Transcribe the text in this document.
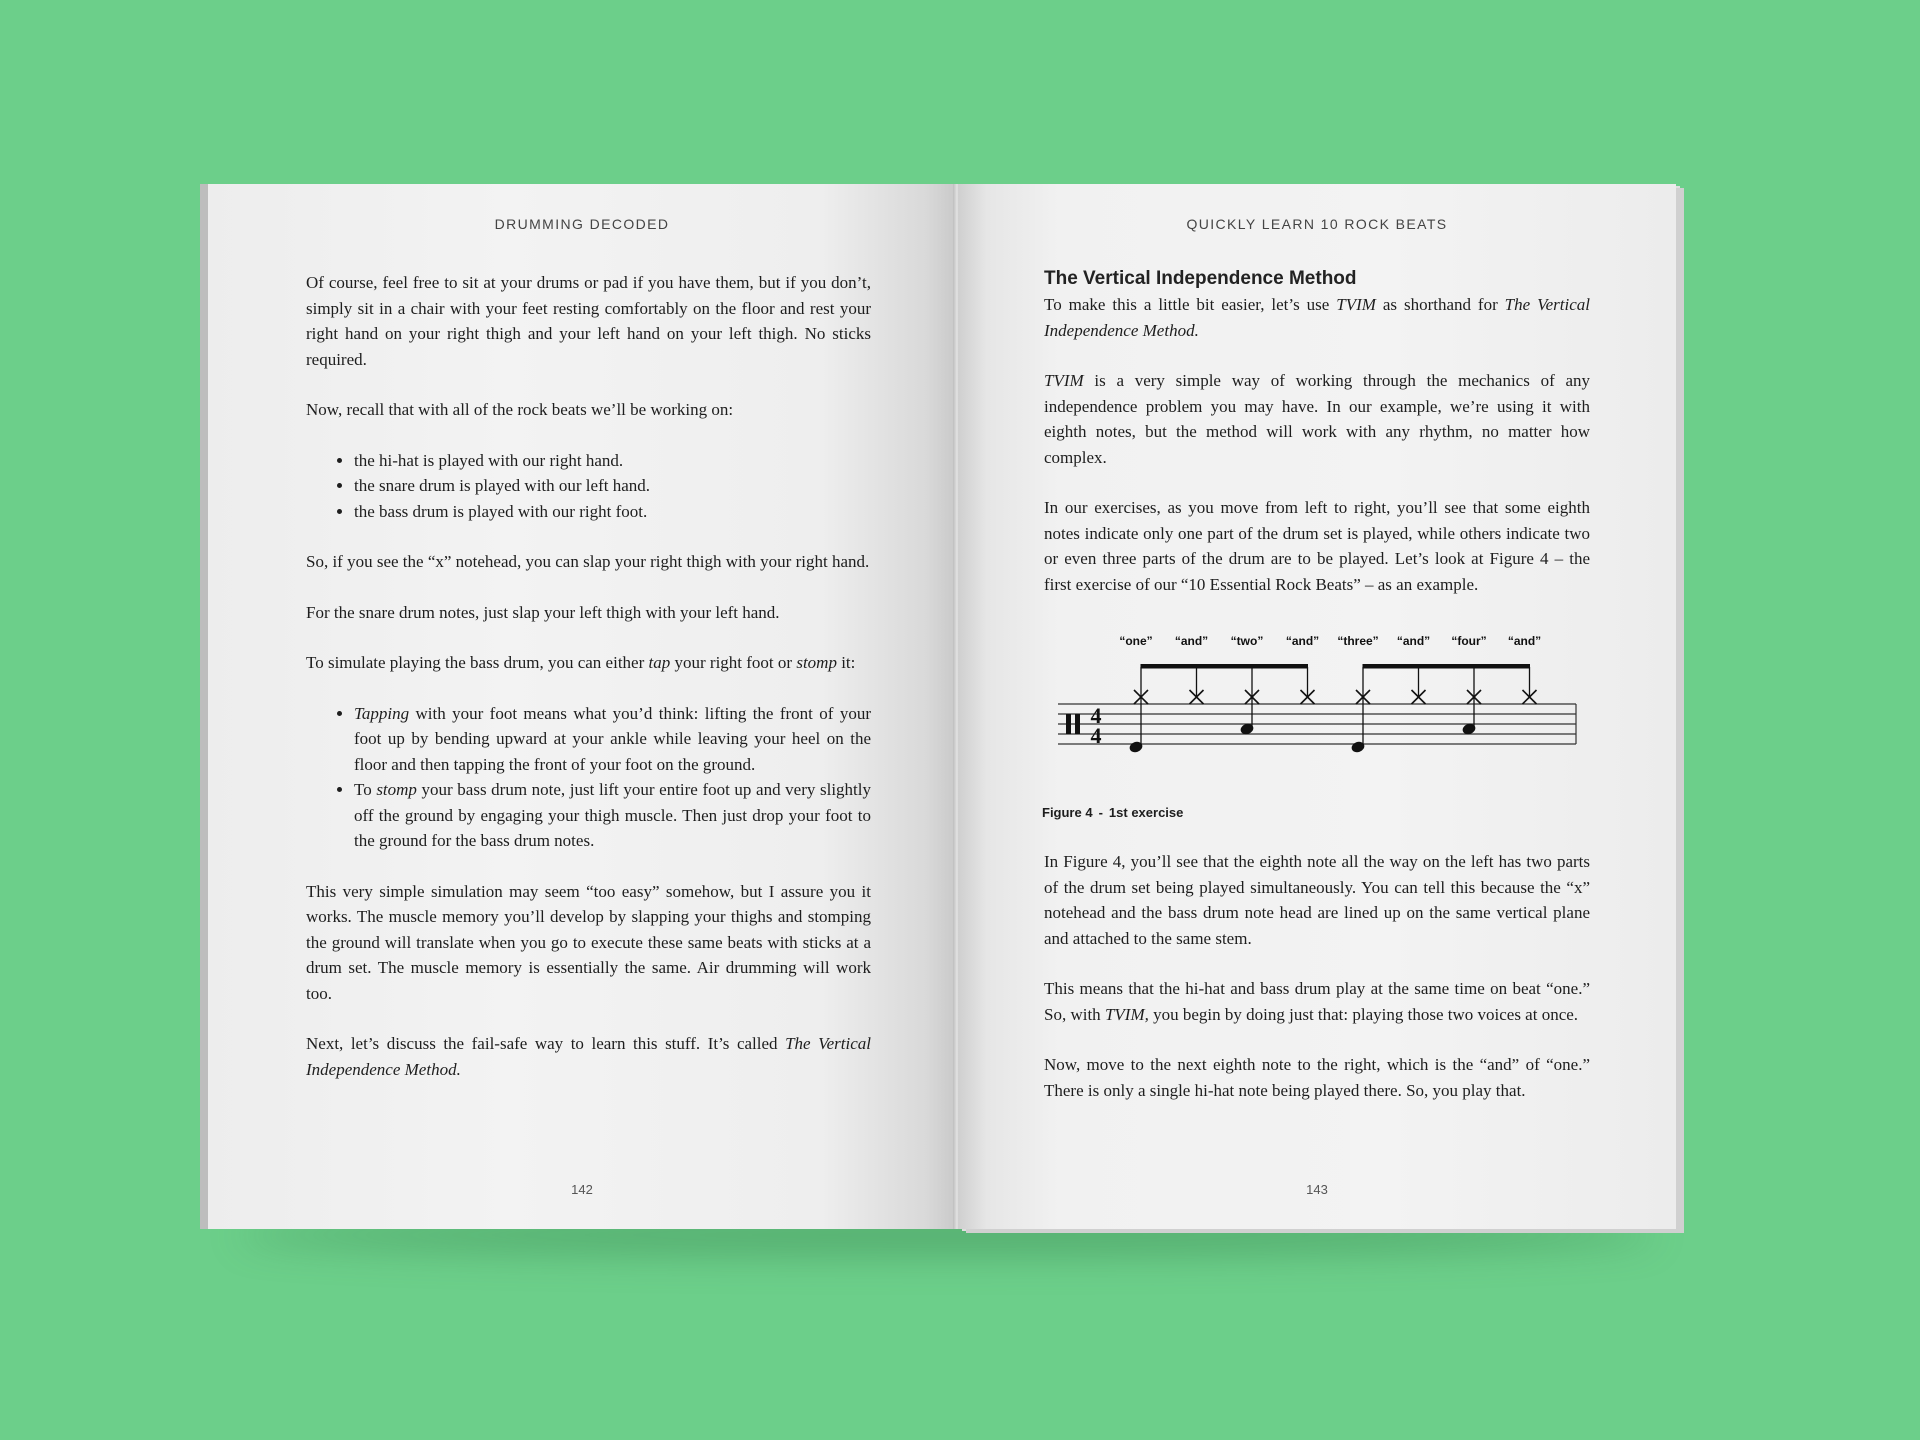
DRUMMING DECODED

Of course, feel free to sit at your drums or pad if you have them, but if you don’t, simply sit in a chair with your feet resting comfortably on the floor and rest your right hand on your right thigh and your left hand on your left thigh. No sticks required.

Now, recall that with all of the rock beats we’ll be working on:

• the hi-hat is played with our right hand.
• the snare drum is played with our left hand.
• the bass drum is played with our right foot.

So, if you see the “x” notehead, you can slap your right thigh with your right hand.

For the snare drum notes, just slap your left thigh with your left hand.

To simulate playing the bass drum, you can either tap your right foot or stomp it:

• Tapping with your foot means what you’d think: lifting the front of your foot up by bending upward at your ankle while leaving your heel on the floor and then tapping the front of your foot on the ground.
• To stomp your bass drum note, just lift your entire foot up and very slightly off the ground by engaging your thigh muscle. Then just drop your foot to the ground for the bass drum notes.

This very simple simulation may seem “too easy” somehow, but I assure you it works. The muscle memory you’ll develop by slapping your thighs and stomping the ground will translate when you go to execute these same beats with sticks at a drum set. The muscle memory is essentially the same. Air drumming will work too.

Next, let’s discuss the fail-safe way to learn this stuff. It’s called The Vertical Independence Method.

142
QUICKLY LEARN 10 ROCK BEATS
The Vertical Independence Method

To make this a little bit easier, let’s use TVIM as shorthand for The Vertical Independence Method.

TVIM is a very simple way of working through the mechanics of any independence problem you may have. In our example, we’re using it with eighth notes, but the method will work with any rhythm, no matter how complex.

In our exercises, as you move from left to right, you’ll see that some eighth notes indicate only one part of the drum set is played, while others indicate two or even three parts of the drum are to be played. Let’s look at Figure 4 – the first exercise of our “10 Essential Rock Beats” – as an example.

4
4
“one” “and” “two” “and” “three” “and” “four” “and”
Figure 4 - 1st exercise

In Figure 4, you’ll see that the eighth note all the way on the left has two parts of the drum set being played simultaneously. You can tell this because the “x” notehead and the bass drum note head are lined up on the same vertical plane and attached to the same stem.

This means that the hi-hat and bass drum play at the same time on beat “one.” So, with TVIM, you begin by doing just that: playing those two voices at once.

Now, move to the next eighth note to the right, which is the “and” of “one.” There is only a single hi-hat note being played there. So, you play that.

143
